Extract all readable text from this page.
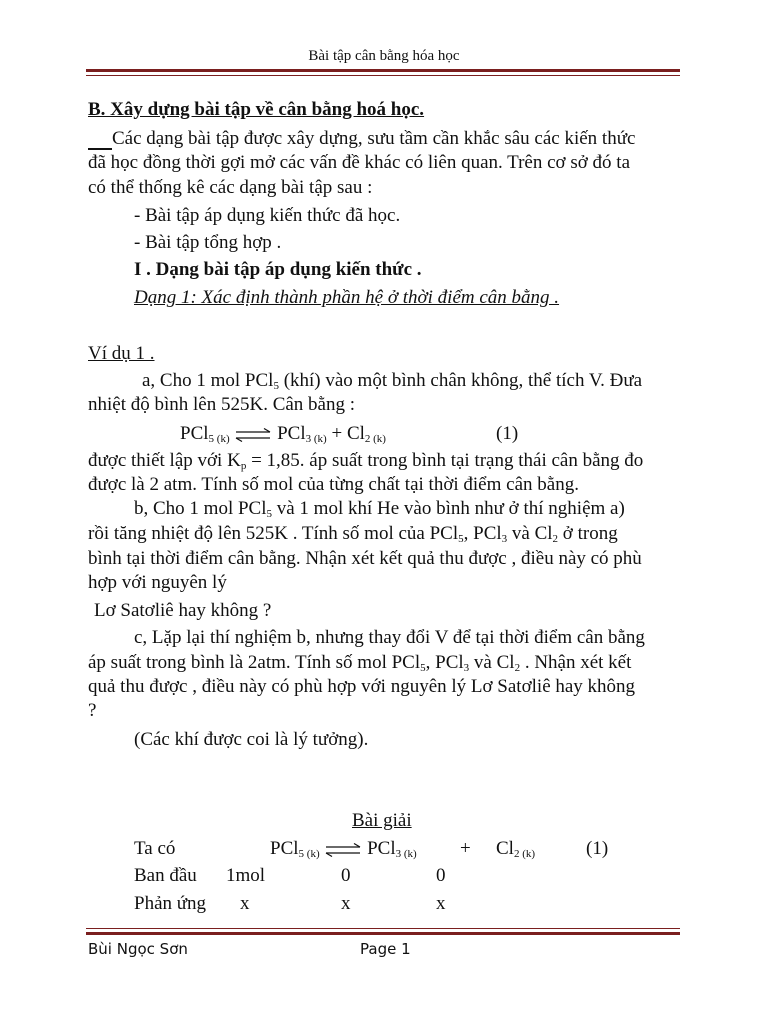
Bài tập cân bằng hóa học
B. Xây dựng bài tập về cân bằng hoá học.
Các dạng bài tập được xây dựng, sưu tầm cần khắc sâu các kiến thức
đã học đồng thời gợi mở các vấn đề khác có liên quan. Trên cơ sở đó ta
có thể thống kê các dạng bài tập sau :
- Bài tập áp dụng kiến thức đã học.
- Bài tập tổng hợp .
I . Dạng bài tập áp dụng kiến thức .
Dạng 1: Xác định thành phần hệ ở thời điểm cân bằng .
Ví dụ 1 .
a, Cho 1 mol PCl$_5$ (khí) vào một bình chân không, thể tích V. Đưa
nhiệt độ bình lên 525K. Cân bằng :
PCl$_{5 (k)}$ ⇌ $PCl_{3 (k)} + Cl_{2 (k)}$	(1)
được thiết lập với $K_p = 1,85$. áp suất trong bình tại trạng thái cân bằng đo
được là 2 atm. Tính số mol của từng chất tại thời điểm cân bằng.
b, Cho 1 mol PCl$_5$ và 1 mol khí He vào bình như ở thí nghiệm a)
rồi tăng nhiệt độ lên 525K . Tính số mol của PCl$_5$, PCl$_3$ và $Cl_2$ ở trong
bình tại thời điểm cân bằng. Nhận xét kết quả thu được , điều này có phù
hợp với nguyên lý
Lơ Satơliê hay không ?
c, Lặp lại thí nghiệm b, nhưng thay đổi V để tại thời điểm cân bằng
áp suất trong bình là 2atm. Tính số mol PCl$_5$, PCl$_3$ và $Cl_2$ . Nhận xét kết
quả thu được , điều này có phù hợp với nguyên lý Lơ Satơliê hay không
?
(Các khí được coi là lý tưởng).
Bài giải
Ta có	PCl$_{5 (k)}$	$PCl_{3 (k)} + Cl_{2 (k)}$	(1)
Ban đầu 1mol	0	0
Phản ứng x	x	x
Bùi Ngọc Sơn	Page 1
